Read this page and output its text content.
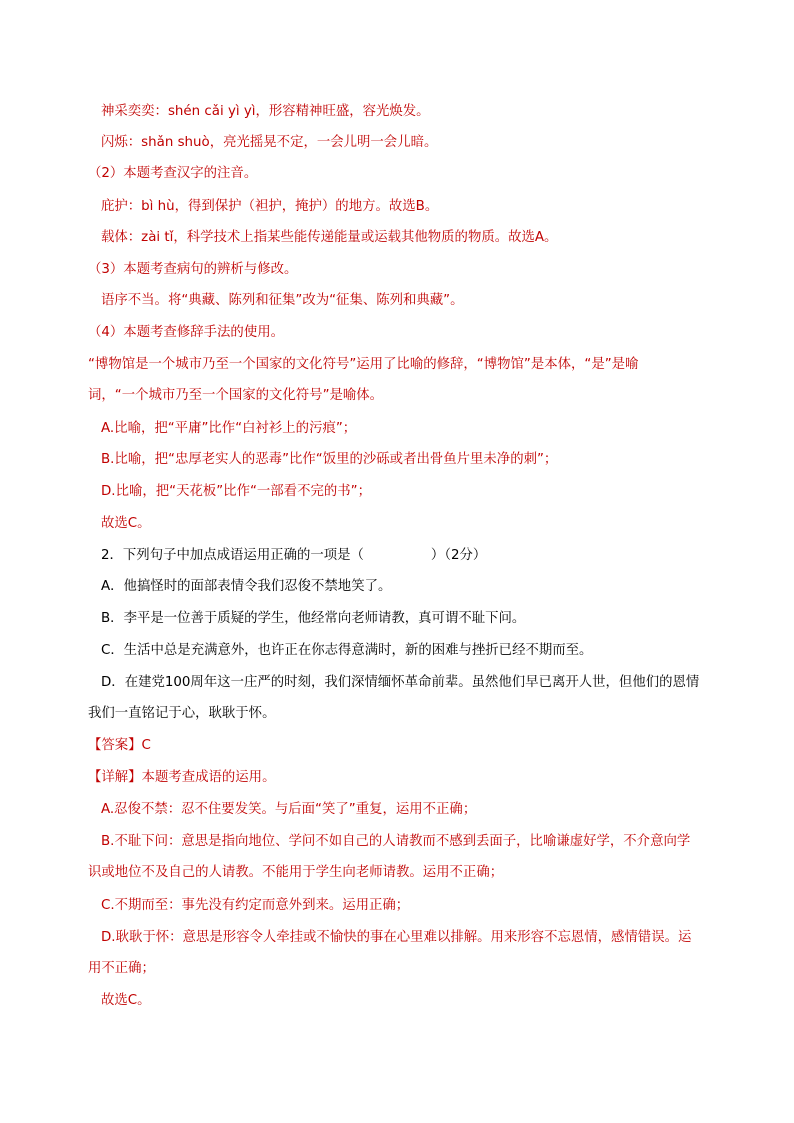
神采奕奕：shén cǎi yì yì，形容精神旺盛，容光焕发。
闪烁：shǎn shuò，亮光摇晃不定，一会儿明一会儿暗。
（2）本题考查汉字的注音。
庇护：bì hù，得到保护（袒护，掩护）的地方。故选B。
载体：zài tǐ，科学技术上指某些能传递能量或运载其他物质的物质。故选A。
（3）本题考查病句的辨析与修改。
语序不当。将“典藏、陈列和征集”改为“征集、陈列和典藏”。
（4）本题考查修辞手法的使用。
“博物馆是一个城市乃至一个国家的文化符号”运用了比喻的修辞，“博物馆”是本体，“是”是喻
词，“一个城市乃至一个国家的文化符号”是喻体。
A.比喻，把“平庸”比作“白衬衫上的污痕”；
B.比喻，把“忠厚老实人的恶毒”比作“饭里的沙砾或者出骨鱼片里未净的刺”；
D.比喻，把“天花板”比作“一部看不完的书”；
故选C。
2．下列句子中加点成语运用正确的一项是（　　　　　）（2分）
A．他搞怪时的面部表情令我们忍俊不禁地笑了。
B．李平是一位善于质疑的学生，他经常向老师请教，真可谓不耻下问。
C．生活中总是充满意外，也许正在你志得意满时，新的困难与挫折已经不期而至。
D．在建党100周年这一庄严的时刻，我们深情缅怀革命前辈。虽然他们早已离开人世，但他们的恩情
我们一直铭记于心，耿耿于怀。
【答案】C
【详解】本题考查成语的运用。
A.忍俊不禁：忍不住要发笑。与后面“笑了”重复，运用不正确；
B.不耻下问：意思是指向地位、学问不如自己的人请教而不感到丢面子，比喻谦虚好学，不介意向学
识或地位不及自己的人请教。不能用于学生向老师请教。运用不正确；
C.不期而至：事先没有约定而意外到来。运用正确；
D.耿耿于怀：意思是形容令人牵挂或不愉快的事在心里难以排解。用来形容不忘恩情，感情错误。运
用不正确；
故选C。
